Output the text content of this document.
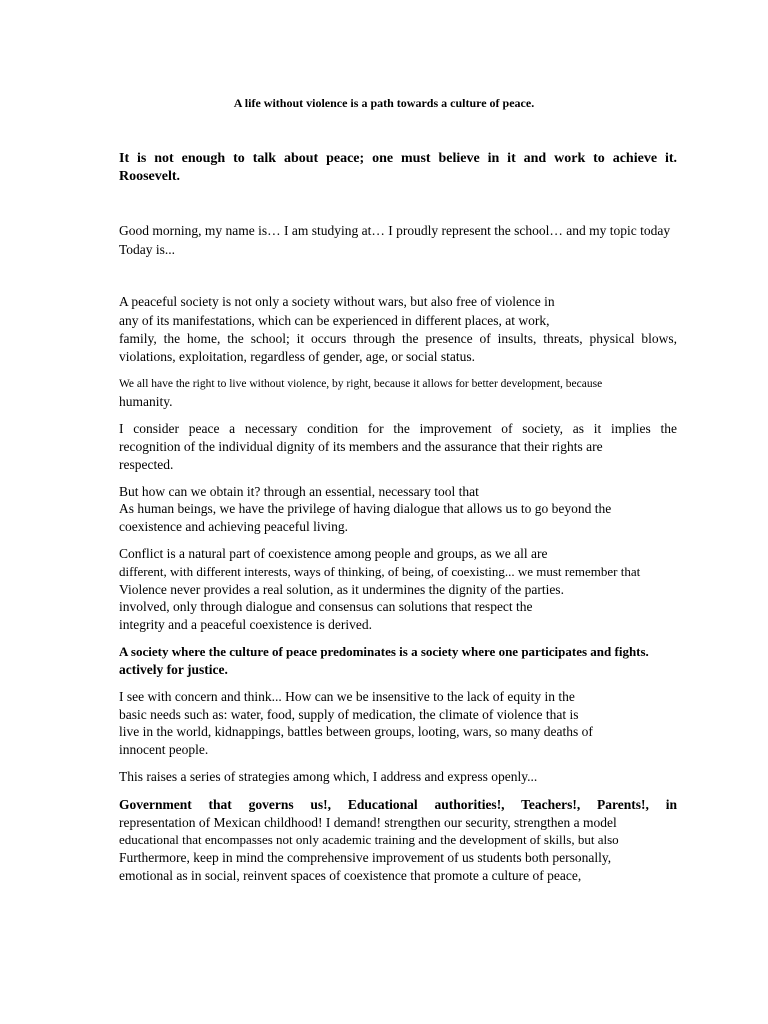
A life without violence is a path towards a culture of peace.
It is not enough to talk about peace; one must believe in it and work to achieve it.
Roosevelt.
Good morning, my name is… I am studying at… I proudly represent the school… and my topic today
Today is...
A peaceful society is not only a society without wars, but also free of violence in
any of its manifestations, which can be experienced in different places, at work,
family, the home, the school; it occurs through the presence of insults, threats, physical blows,
violations, exploitation, regardless of gender, age, or social status.
We all have the right to live without violence, by right, because it allows for better development, because
humanity.
I consider peace a necessary condition for the improvement of society, as it implies the
recognition of the individual dignity of its members and the assurance that their rights are
respected.
But how can we obtain it? through an essential, necessary tool that
As human beings, we have the privilege of having dialogue that allows us to go beyond the
coexistence and achieving peaceful living.
Conflict is a natural part of coexistence among people and groups, as we all are
different, with different interests, ways of thinking, of being, of coexisting... we must remember that
Violence never provides a real solution, as it undermines the dignity of the parties.
involved, only through dialogue and consensus can solutions that respect the
integrity and a peaceful coexistence is derived.
A society where the culture of peace predominates is a society where one participates and fights.
actively for justice.
I see with concern and think... How can we be insensitive to the lack of equity in the
basic needs such as: water, food, supply of medication, the climate of violence that is
live in the world, kidnappings, battles between groups, looting, wars, so many deaths of
innocent people.
This raises a series of strategies among which, I address and express openly...
Government that governs us!, Educational authorities!, Teachers!, Parents!, in
representation of Mexican childhood! I demand! strengthen our security, strengthen a model
educational that encompasses not only academic training and the development of skills, but also
Furthermore, keep in mind the comprehensive improvement of us students both personally,
emotional as in social, reinvent spaces of coexistence that promote a culture of peace,
